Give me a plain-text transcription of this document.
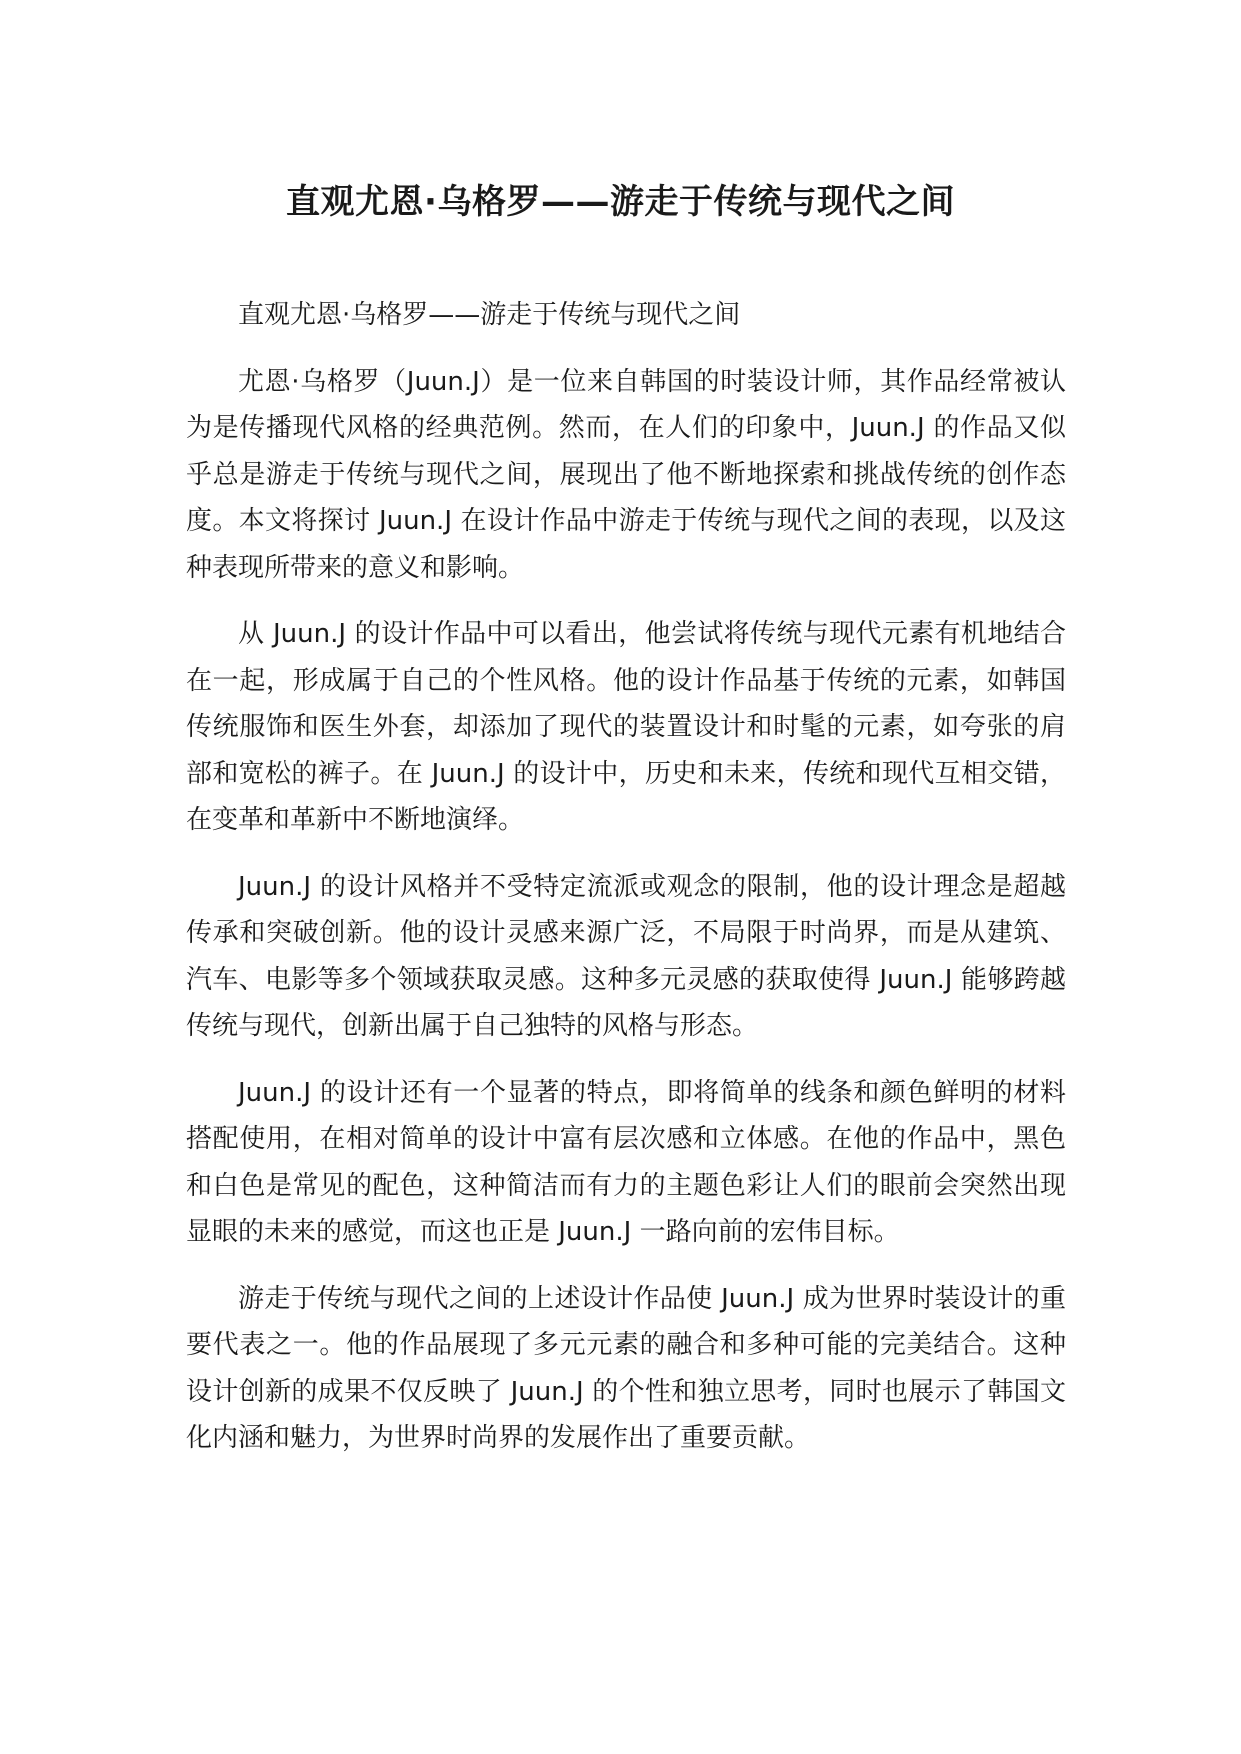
直观尤恩·乌格罗——游走于传统与现代之间

直观尤恩·乌格罗——游走于传统与现代之间

尤恩·乌格罗（Juun.J）是一位来自韩国的时装设计师，其作品经常被认为是传播现代风格的经典范例。然而，在人们的印象中，Juun.J 的作品又似乎总是游走于传统与现代之间，展现出了他不断地探索和挑战传统的创作态度。本文将探讨 Juun.J 在设计作品中游走于传统与现代之间的表现，以及这种表现所带来的意义和影响。

从 Juun.J 的设计作品中可以看出，他尝试将传统与现代元素有机地结合在一起，形成属于自己的个性风格。他的设计作品基于传统的元素，如韩国传统服饰和医生外套，却添加了现代的装置设计和时髦的元素，如夸张的肩部和宽松的裤子。在 Juun.J 的设计中，历史和未来，传统和现代互相交错，在变革和革新中不断地演绎。

Juun.J 的设计风格并不受特定流派或观念的限制，他的设计理念是超越传承和突破创新。他的设计灵感来源广泛，不局限于时尚界，而是从建筑、汽车、电影等多个领域获取灵感。这种多元灵感的获取使得 Juun.J 能够跨越传统与现代，创新出属于自己独特的风格与形态。

Juun.J 的设计还有一个显著的特点，即将简单的线条和颜色鲜明的材料搭配使用，在相对简单的设计中富有层次感和立体感。在他的作品中，黑色和白色是常见的配色，这种简洁而有力的主题色彩让人们的眼前会突然出现显眼的未来的感觉，而这也正是 Juun.J 一路向前的宏伟目标。

游走于传统与现代之间的上述设计作品使 Juun.J 成为世界时装设计的重要代表之一。他的作品展现了多元元素的融合和多种可能的完美结合。这种设计创新的成果不仅反映了 Juun.J 的个性和独立思考，同时也展示了韩国文化内涵和魅力，为世界时尚界的发展作出了重要贡献。
